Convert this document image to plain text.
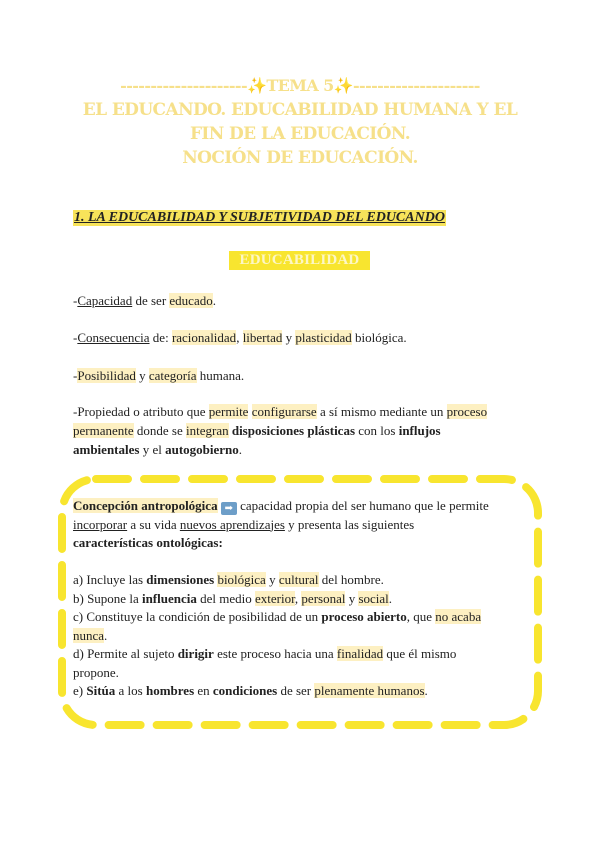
---------------------✨TEMA 5✨---------------------
EL EDUCANDO. EDUCABILIDAD HUMANA Y EL
FIN DE LA EDUCACIÓN.
NOCIÓN DE EDUCACIÓN.
1. LA EDUCABILIDAD Y SUBJETIVIDAD DEL EDUCANDO
EDUCABILIDAD
-Capacidad de ser educado.
-Consecuencia de: racionalidad, libertad y plasticidad biológica.
-Posibilidad y categoría humana.
-Propiedad o atributo que permite configurarse a sí mismo mediante un proceso
permanente donde se integran disposiciones plásticas con los influjos
ambientales y el autogobierno.
Concepción antropológica ➡ capacidad propia del ser humano que le permite
incorporar a su vida nuevos aprendizajes y presenta las siguientes
características ontológicas:
a) Incluye las dimensiones biológica y cultural del hombre.
b) Supone la influencia del medio exterior, personal y social.
c) Constituye la condición de posibilidad de un proceso abierto, que no acaba
nunca.
d) Permite al sujeto dirigir este proceso hacia una finalidad que él mismo
propone.
e) Sitúa a los hombres en condiciones de ser plenamente humanos.
